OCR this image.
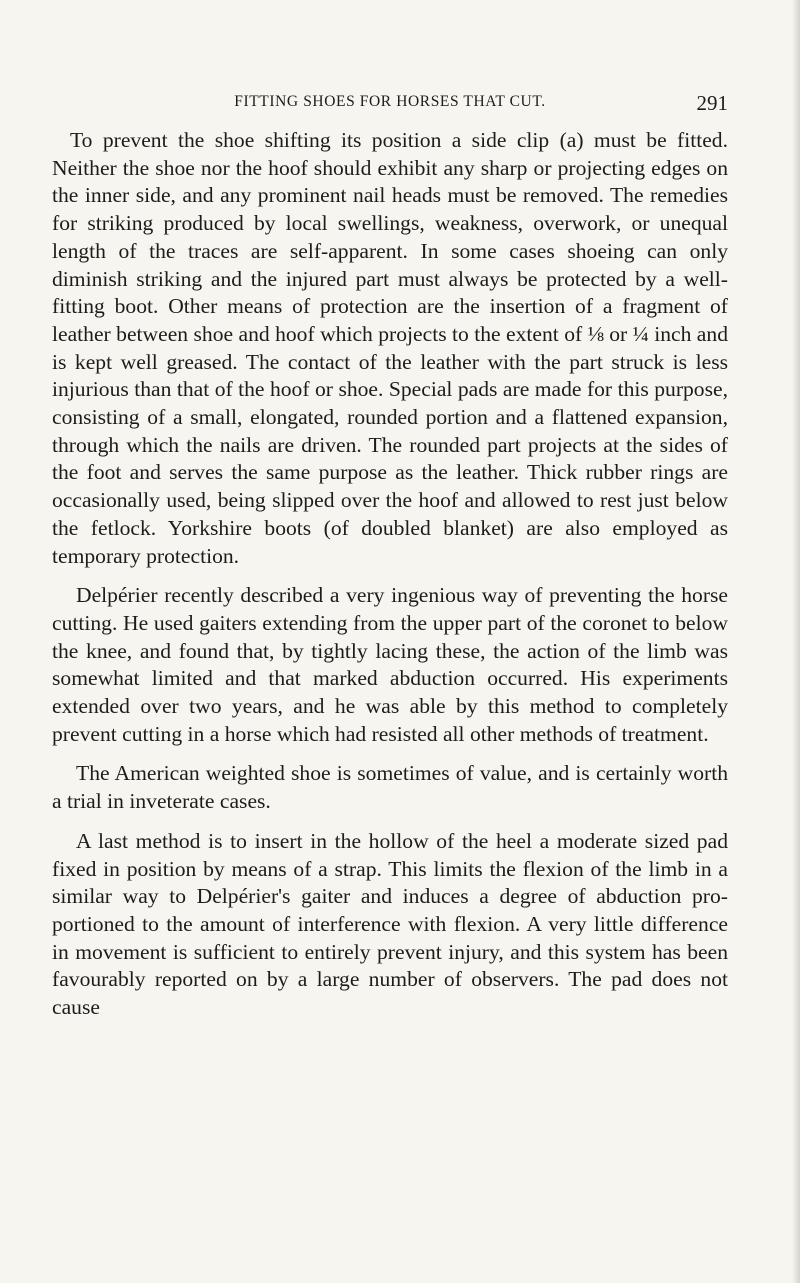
FITTING SHOES FOR HORSES THAT CUT.	291

To prevent the shoe shifting its position a side clip (a) must be fitted. Neither the shoe nor the hoof should exhibit any sharp or projecting edges on the inner side, and any prominent nail heads must be removed. The remedies for striking produced by local swellings, weakness, overwork, or unequal length of the traces are self-apparent. In some cases shoeing can only diminish striking and the injured part must always be protected by a well-fitting boot. Other means of protection are the insertion of a fragment of leather between shoe and hoof which projects to the extent of ⅛ or ¼ inch and is kept well greased. The contact of the leather with the part struck is less injurious than that of the hoof or shoe. Special pads are made for this purpose, consisting of a small, elongated, rounded portion and a flattened expansion, through which the nails are driven. The rounded part projects at the sides of the foot and serves the same purpose as the leather. Thick rubber rings are occasionally used, being slipped over the hoof and allowed to rest just below the fetlock. Yorkshire boots (of doubled blanket) are also employed as temporary protection.

Delpérier recently described a very ingenious way of preventing the horse cutting. He used gaiters extending from the upper part of the coronet to below the knee, and found that, by tightly lacing these, the action of the limb was somewhat limited and that marked abduction occurred. His experiments extended over two years, and he was able by this method to completely prevent cutting in a horse which had resisted all other methods of treatment.

The American weighted shoe is sometimes of value, and is certainly worth a trial in inveterate cases.

A last method is to insert in the hollow of the heel a moderate sized pad fixed in position by means of a strap. This limits the flexion of the limb in a similar way to Delpérier's gaiter and induces a degree of abduction proportioned to the amount of interference with flexion. A very little difference in movement is sufficient to entirely prevent injury, and this system has been favourably reported on by a large number of observers. The pad does not cause
